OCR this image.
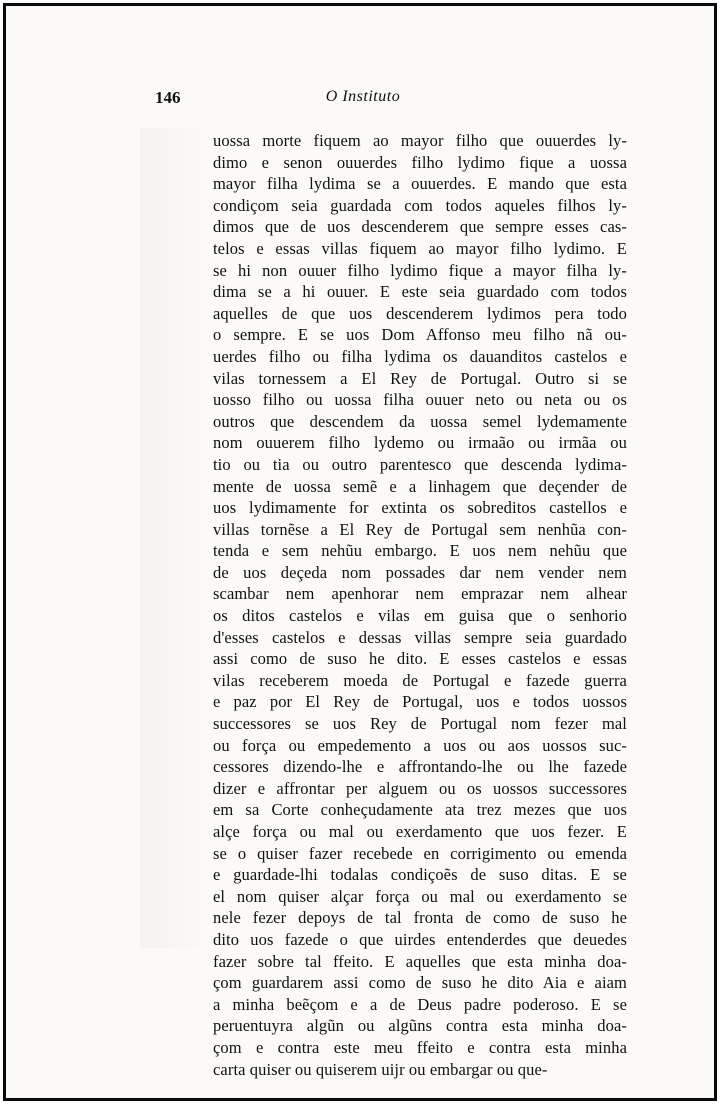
146	O Instituto
uossa morte fiquem ao mayor filho que ouuerdes ly-
dimo e senon ouuerdes filho lydimo fique a uossa
mayor filha lydima se a ouuerdes. E mando que esta
condiçom seia guardada com todos aqueles filhos ly-
dimos que de uos descenderem que sempre esses cas-
telos e essas villas fiquem ao mayor filho lydimo. E
se hi non ouuer filho lydimo fique a mayor filha ly-
dima se a hi ouuer. E este seia guardado com todos
aquelles de que uos descenderem lydimos pera todo
o sempre. E se uos Dom Affonso meu filho nã ou-
uerdes filho ou filha lydima os dauanditos castelos e
vilas tornessem a El Rey de Portugal. Outro si se
uosso filho ou uossa filha ouuer neto ou neta ou os
outros que descendem da uossa semel lydemamente
nom ouuerem filho lydemo ou irmaão ou irmãa ou
tio ou tia ou outro parentesco que descenda lydima-
mente de uossa semẽ e a linhagem que deçender de
uos lydimamente for extinta os sobreditos castellos e
villas tornẽse a El Rey de Portugal sem nenhũa con-
tenda e sem nehũu embargo. E uos nem nehũu que
de uos deçeda nom possades dar nem vender nem
scambar nem apenhorar nem emprazar nem alhear
os ditos castelos e vilas em guisa que o senhorio
d'esses castelos e dessas villas sempre seia guardado
assi como de suso he dito. E esses castelos e essas
vilas receberem moeda de Portugal e fazede guerra
e paz por El Rey de Portugal, uos e todos uossos
successores se uos Rey de Portugal nom fezer mal
ou força ou empedemento a uos ou aos uossos suc-
cessores dizendo-lhe e affrontando-lhe ou lhe fazede
dizer e affrontar per alguem ou os uossos successores
em sa Corte conheçudamente ata trez mezes que uos
alçe força ou mal ou exerdamento que uos fezer. E
se o quiser fazer recebede en corrigimento ou emenda
e guardade-lhi todalas condiçoẽs de suso ditas. E se
el nom quiser alçar força ou mal ou exerdamento se
nele fezer depoys de tal fronta de como de suso he
dito uos fazede o que uirdes entenderdes que deuedes
fazer sobre tal ffeito. E aquelles que esta minha doa-
çom guardarem assi como de suso he dito Aia e aiam
a minha beẽçom e a de Deus padre poderoso. E se
peruentuyra algũn ou algũns contra esta minha doa-
çom e contra este meu ffeito e contra esta minha
carta quiser ou quiserem uijr ou embargar ou que-
